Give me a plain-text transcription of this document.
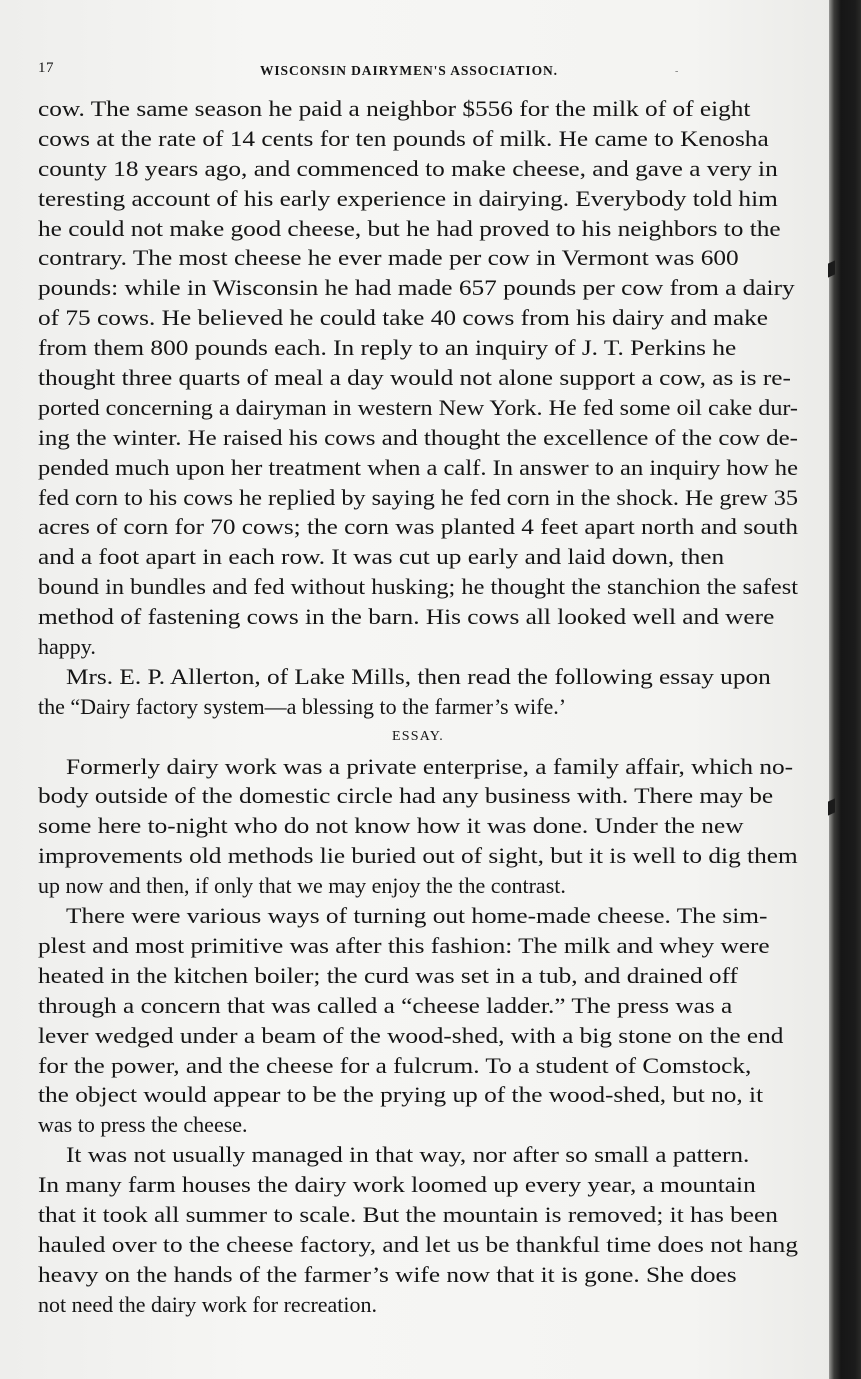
17	WISCONSIN DAIRYMEN'S ASSOCIATION.	-
cow. The same season he paid a neighbor $556 for the milk of of eight
cows at the rate of 14 cents for ten pounds of milk. He came to Kenosha
county 18 years ago, and commenced to make cheese, and gave a very in
teresting account of his early experience in dairying. Everybody told him
he could not make good cheese, but he had proved to his neighbors to the
contrary. The most cheese he ever made per cow in Vermont was 600
pounds: while in Wisconsin he had made 657 pounds per cow from a dairy
of 75 cows. He believed he could take 40 cows from his dairy and make
from them 800 pounds each. In reply to an inquiry of J. T. Perkins he
thought three quarts of meal a day would not alone support a cow, as is re-
ported concerning a dairyman in western New York. He fed some oil cake dur-
ing the winter. He raised his cows and thought the excellence of the cow de-
pended much upon her treatment when a calf. In answer to an inquiry how he
fed corn to his cows he replied by saying he fed corn in the shock. He grew 35
acres of corn for 70 cows; the corn was planted 4 feet apart north and south
and a foot apart in each row. It was cut up early and laid down, then
bound in bundles and fed without husking; he thought the stanchion the safest
method of fastening cows in the barn. His cows all looked well and were
happy.
Mrs. E. P. Allerton, of Lake Mills, then read the following essay upon
the “Dairy factory system—a blessing to the farmer’s wife.’
ESSAY.
Formerly dairy work was a private enterprise, a family affair, which no-
body outside of the domestic circle had any business with. There may be
some here to-night who do not know how it was done. Under the new
improvements old methods lie buried out of sight, but it is well to dig them
up now and then, if only that we may enjoy the the contrast.
There were various ways of turning out home-made cheese. The sim-
plest and most primitive was after this fashion: The milk and whey were
heated in the kitchen boiler; the curd was set in a tub, and drained off
through a concern that was called a “cheese ladder.” The press was a
lever wedged under a beam of the wood-shed, with a big stone on the end
for the power, and the cheese for a fulcrum. To a student of Comstock,
the object would appear to be the prying up of the wood-shed, but no, it
was to press the cheese.
It was not usually managed in that way, nor after so small a pattern.
In many farm houses the dairy work loomed up every year, a mountain
that it took all summer to scale. But the mountain is removed; it has been
hauled over to the cheese factory, and let us be thankful time does not hang
heavy on the hands of the farmer’s wife now that it is gone. She does
not need the dairy work for recreation.
